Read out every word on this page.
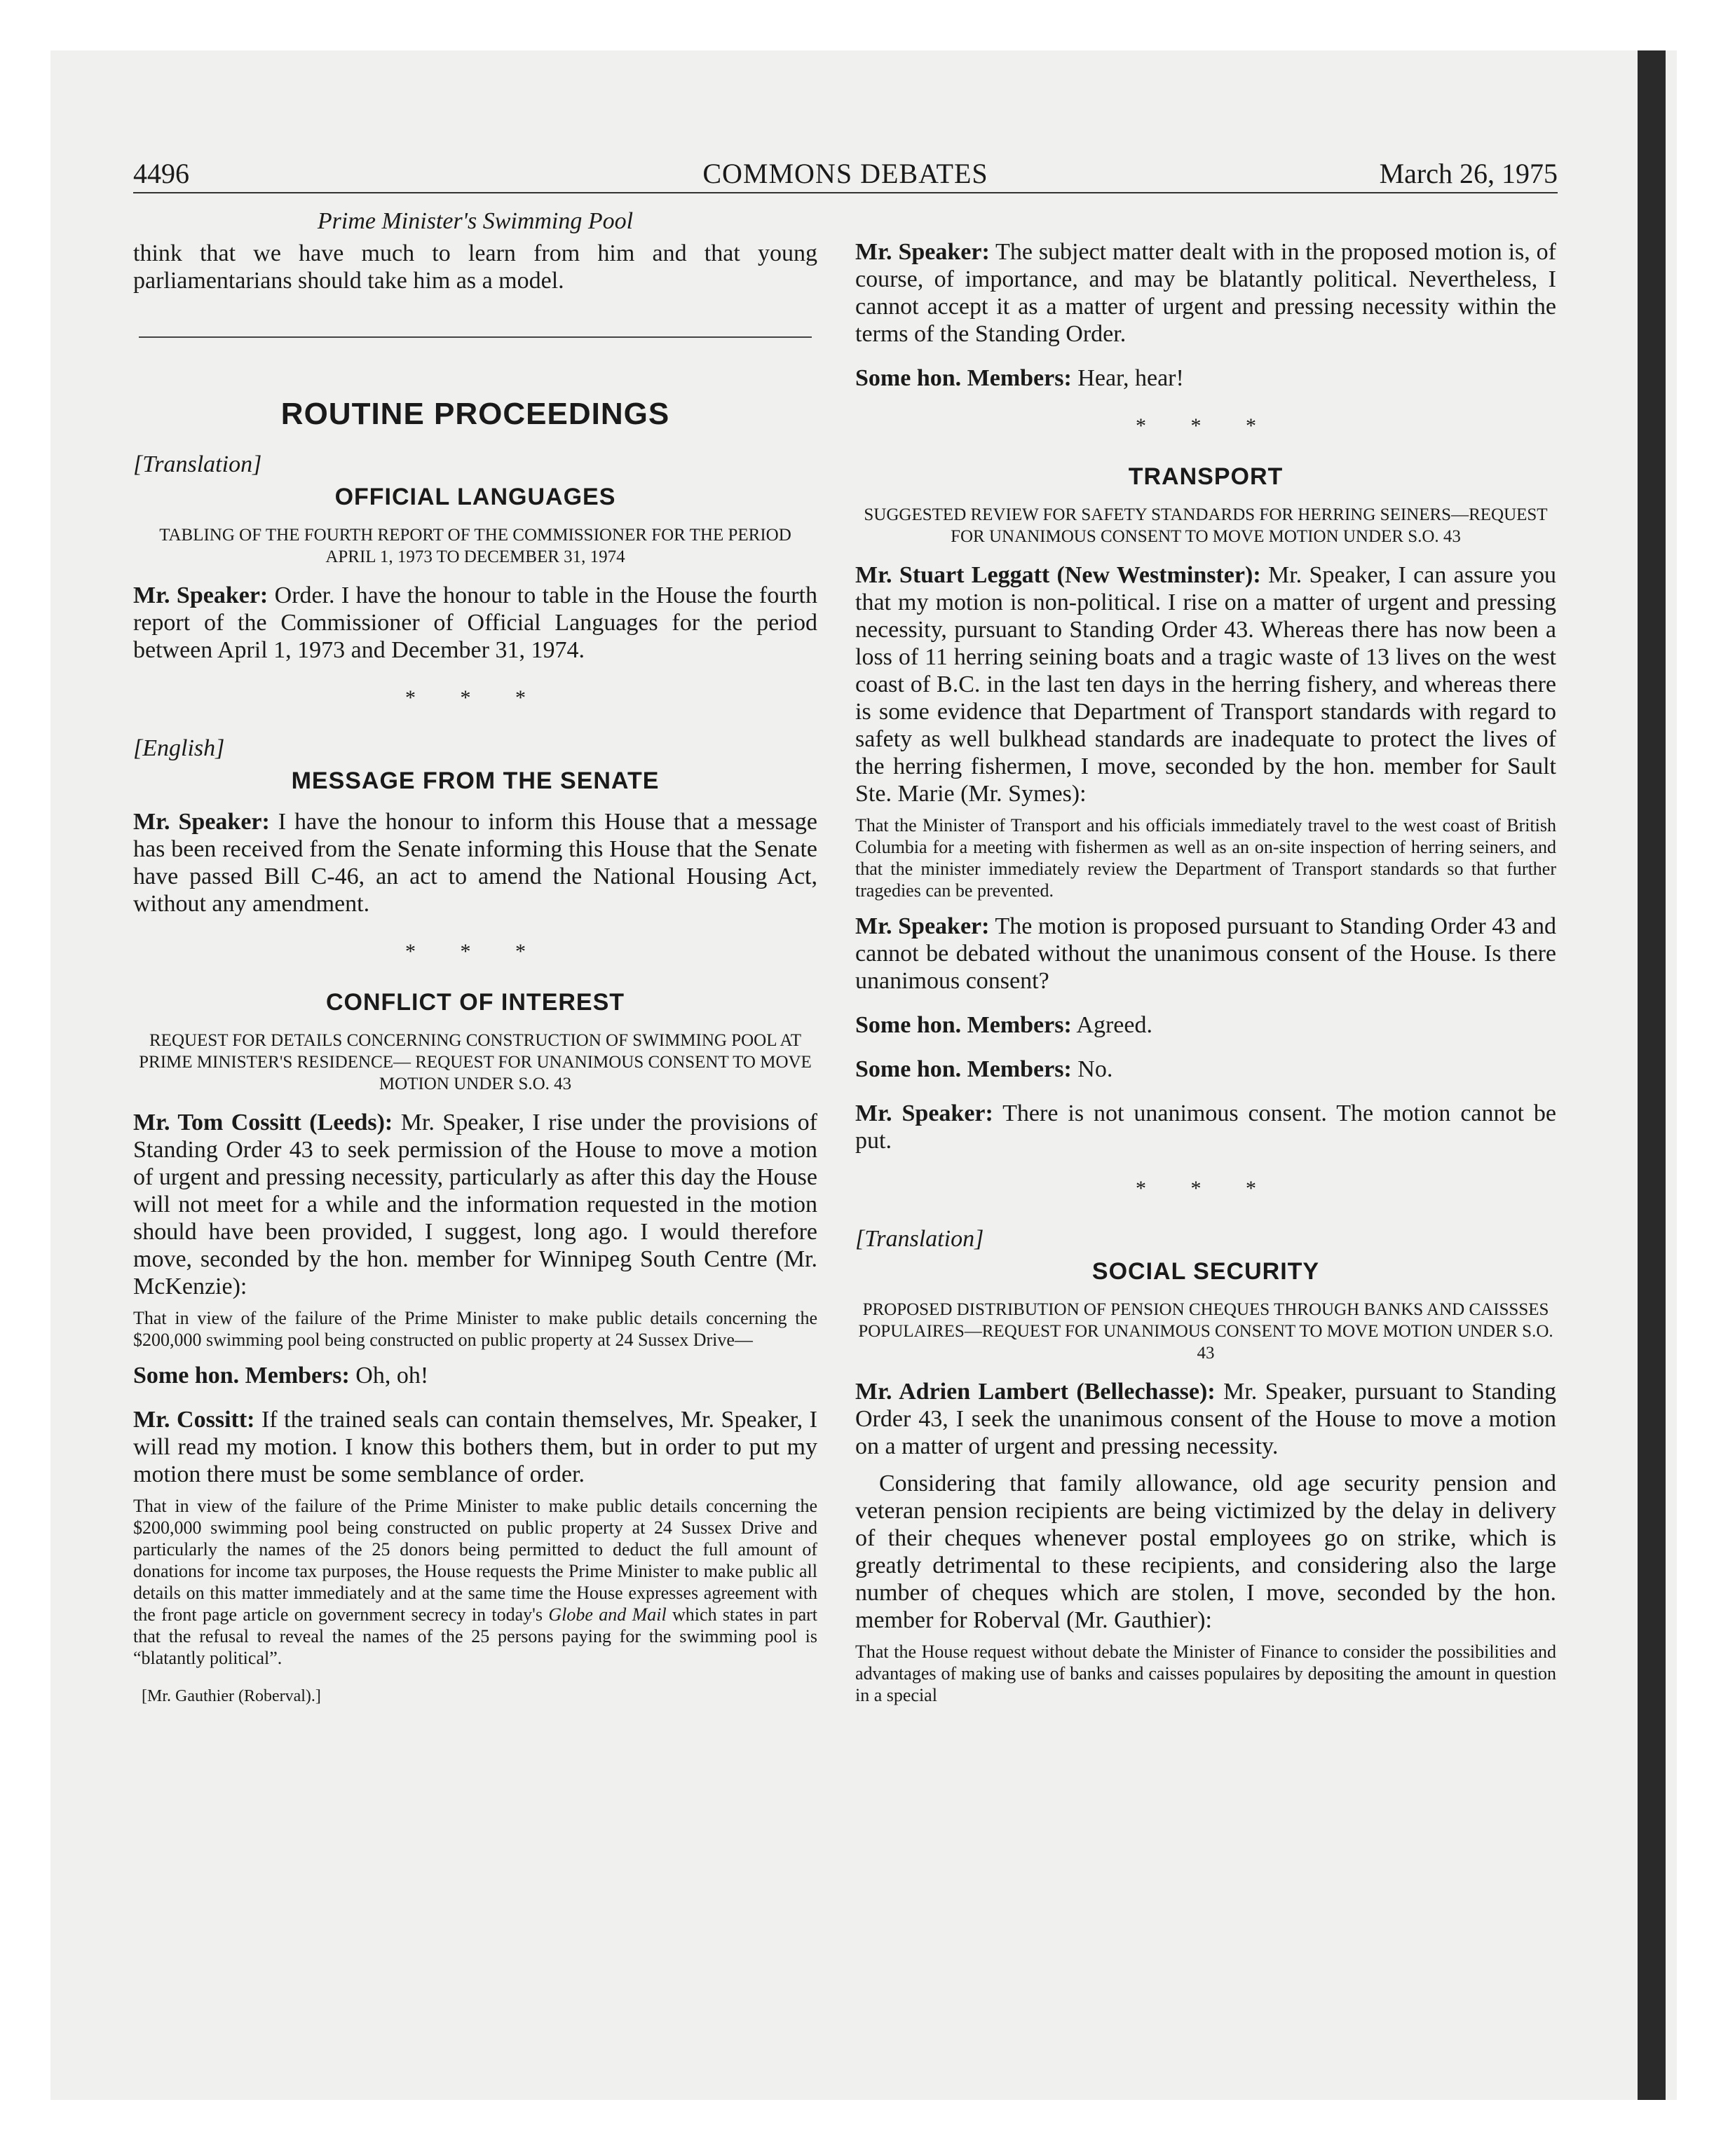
4496	COMMONS DEBATES	March 26, 1975

Prime Minister's Swimming Pool

think that we have much to learn from him and that young parliamentarians should take him as a model.

ROUTINE PROCEEDINGS

[Translation]

OFFICIAL LANGUAGES

TABLING OF THE FOURTH REPORT OF THE COMMISSIONER FOR THE PERIOD APRIL 1, 1973 TO DECEMBER 31, 1974

Mr. Speaker: Order. I have the honour to table in the House the fourth report of the Commissioner of Official Languages for the period between April 1, 1973 and December 31, 1974.

* * *

[English]

MESSAGE FROM THE SENATE

Mr. Speaker: I have the honour to inform this House that a message has been received from the Senate informing this House that the Senate have passed Bill C-46, an act to amend the National Housing Act, without any amendment.

* * *

CONFLICT OF INTEREST

REQUEST FOR DETAILS CONCERNING CONSTRUCTION OF SWIMMING POOL AT PRIME MINISTER'S RESIDENCE— REQUEST FOR UNANIMOUS CONSENT TO MOVE MOTION UNDER S.O. 43

Mr. Tom Cossitt (Leeds): Mr. Speaker, I rise under the provisions of Standing Order 43 to seek permission of the House to move a motion of urgent and pressing necessity, particularly as after this day the House will not meet for a while and the information requested in the motion should have been provided, I suggest, long ago. I would therefore move, seconded by the hon. member for Winnipeg South Centre (Mr. McKenzie):

That in view of the failure of the Prime Minister to make public details concerning the $200,000 swimming pool being constructed on public property at 24 Sussex Drive—

Some hon. Members: Oh, oh!

Mr. Cossitt: If the trained seals can contain themselves, Mr. Speaker, I will read my motion. I know this bothers them, but in order to put my motion there must be some semblance of order.

That in view of the failure of the Prime Minister to make public details concerning the $200,000 swimming pool being constructed on public property at 24 Sussex Drive and particularly the names of the 25 donors being permitted to deduct the full amount of donations for income tax purposes, the House requests the Prime Minister to make public all details on this matter immediately and at the same time the House expresses agreement with the front page article on government secrecy in today's Globe and Mail which states in part that the refusal to reveal the names of the 25 persons paying for the swimming pool is “blatantly political”.

[Mr. Gauthier (Roberval).]

Mr. Speaker: The subject matter dealt with in the proposed motion is, of course, of importance, and may be blatantly political. Nevertheless, I cannot accept it as a matter of urgent and pressing necessity within the terms of the Standing Order.

Some hon. Members: Hear, hear!

* * *

TRANSPORT

SUGGESTED REVIEW FOR SAFETY STANDARDS FOR HERRING SEINERS—REQUEST FOR UNANIMOUS CONSENT TO MOVE MOTION UNDER S.O. 43

Mr. Stuart Leggatt (New Westminster): Mr. Speaker, I can assure you that my motion is non-political. I rise on a matter of urgent and pressing necessity, pursuant to Standing Order 43. Whereas there has now been a loss of 11 herring seining boats and a tragic waste of 13 lives on the west coast of B.C. in the last ten days in the herring fishery, and whereas there is some evidence that Department of Transport standards with regard to safety as well bulkhead standards are inadequate to protect the lives of the herring fishermen, I move, seconded by the hon. member for Sault Ste. Marie (Mr. Symes):

That the Minister of Transport and his officials immediately travel to the west coast of British Columbia for a meeting with fishermen as well as an on-site inspection of herring seiners, and that the minister immediately review the Department of Transport standards so that further tragedies can be prevented.

Mr. Speaker: The motion is proposed pursuant to Standing Order 43 and cannot be debated without the unanimous consent of the House. Is there unanimous consent?

Some hon. Members: Agreed.

Some hon. Members: No.

Mr. Speaker: There is not unanimous consent. The motion cannot be put.

* * *

[Translation]

SOCIAL SECURITY

PROPOSED DISTRIBUTION OF PENSION CHEQUES THROUGH BANKS AND CAISSSES POPULAIRES—REQUEST FOR UNANIMOUS CONSENT TO MOVE MOTION UNDER S.O. 43

Mr. Adrien Lambert (Bellechasse): Mr. Speaker, pursuant to Standing Order 43, I seek the unanimous consent of the House to move a motion on a matter of urgent and pressing necessity.

Considering that family allowance, old age security pension and veteran pension recipients are being victimized by the delay in delivery of their cheques whenever postal employees go on strike, which is greatly detrimental to these recipients, and considering also the large number of cheques which are stolen, I move, seconded by the hon. member for Roberval (Mr. Gauthier):

That the House request without debate the Minister of Finance to consider the possibilities and advantages of making use of banks and caisses populaires by depositing the amount in question in a special
